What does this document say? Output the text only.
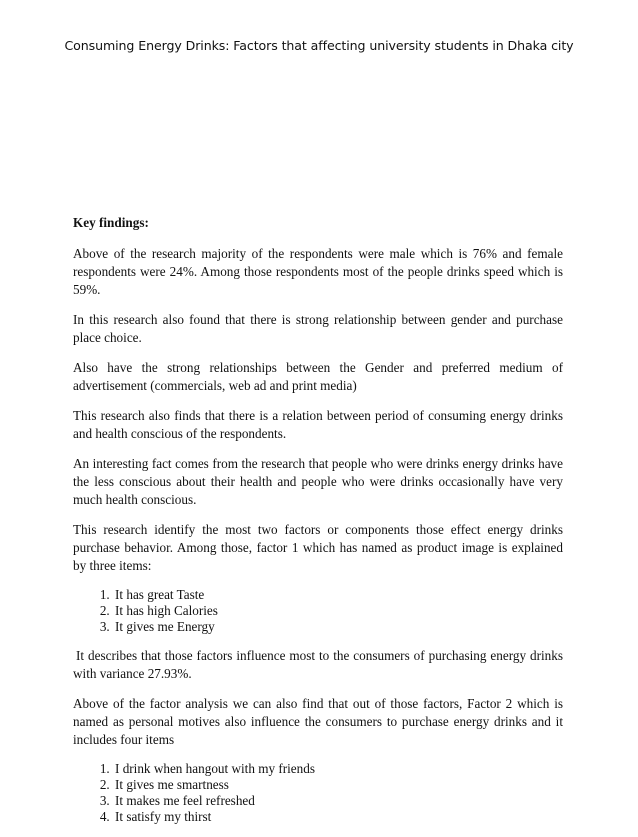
Consuming Energy Drinks: Factors that affecting university students in Dhaka city
Key findings:

Above of the research majority of the respondents were male which is 76% and female respondents were 24%. Among those respondents most of the people drinks speed which is 59%.

In this research also found that there is strong relationship between gender and purchase place choice.

Also have the strong relationships between the Gender and preferred medium of advertisement (commercials, web ad and print media)

This research also finds that there is a relation between period of consuming energy drinks and health conscious of the respondents.

An interesting fact comes from the research that people who were drinks energy drinks have the less conscious about their health and people who were drinks occasionally have very much health conscious.

This research identify the most two factors or components those effect energy drinks purchase behavior. Among those, factor 1 which has named as product image is explained by three items:

1. It has great Taste
2. It has high Calories
3. It gives me Energy

It describes that those factors influence most to the consumers of purchasing energy drinks with variance 27.93%.

Above of the factor analysis we can also find that out of those factors, Factor 2 which is named as personal motives also influence the consumers to purchase energy drinks and it includes four items

1. I drink when hangout with my friends
2. It gives me smartness
3. It makes me feel refreshed
4. It satisfy my thirst
